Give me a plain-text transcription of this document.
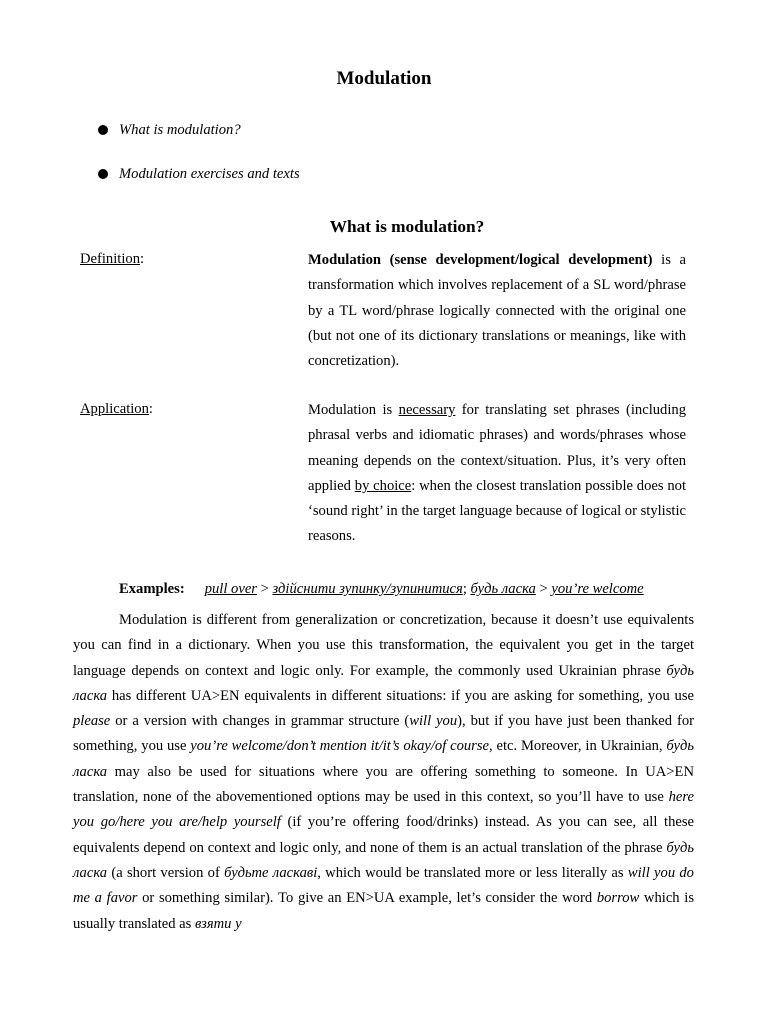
Modulation
What is modulation?
Modulation exercises and texts
What is modulation?
Definition:	Modulation (sense development/logical development) is a transformation which involves replacement of a SL word/phrase by a TL word/phrase logically connected with the original one (but not one of its dictionary translations or meanings, like with concretization).
Application:	Modulation is necessary for translating set phrases (including phrasal verbs and idiomatic phrases) and words/phrases whose meaning depends on the context/situation. Plus, it’s very often applied by choice: when the closest translation possible does not ‘sound right’ in the target language because of logical or stylistic reasons.
Examples: pull over > здійснити зупинку/зупинитися; будь ласка > you’re welcome
Modulation is different from generalization or concretization, because it doesn’t use equivalents you can find in a dictionary. When you use this transformation, the equivalent you get in the target language depends on context and logic only. For example, the commonly used Ukrainian phrase будь ласка has different UA>EN equivalents in different situations: if you are asking for something, you use please or a version with changes in grammar structure (will you), but if you have just been thanked for something, you use you’re welcome/don’t mention it/it’s okay/of course, etc. Moreover, in Ukrainian, будь ласка may also be used for situations where you are offering something to someone. In UA>EN translation, none of the abovementioned options may be used in this context, so you’ll have to use here you go/here you are/help yourself (if you’re offering food/drinks) instead. As you can see, all these equivalents depend on context and logic only, and none of them is an actual translation of the phrase будь ласка (a short version of будьте ласкаві, which would be translated more or less literally as will you do me a favor or something similar). To give an EN>UA example, let’s consider the word borrow which is usually translated as взяти у
